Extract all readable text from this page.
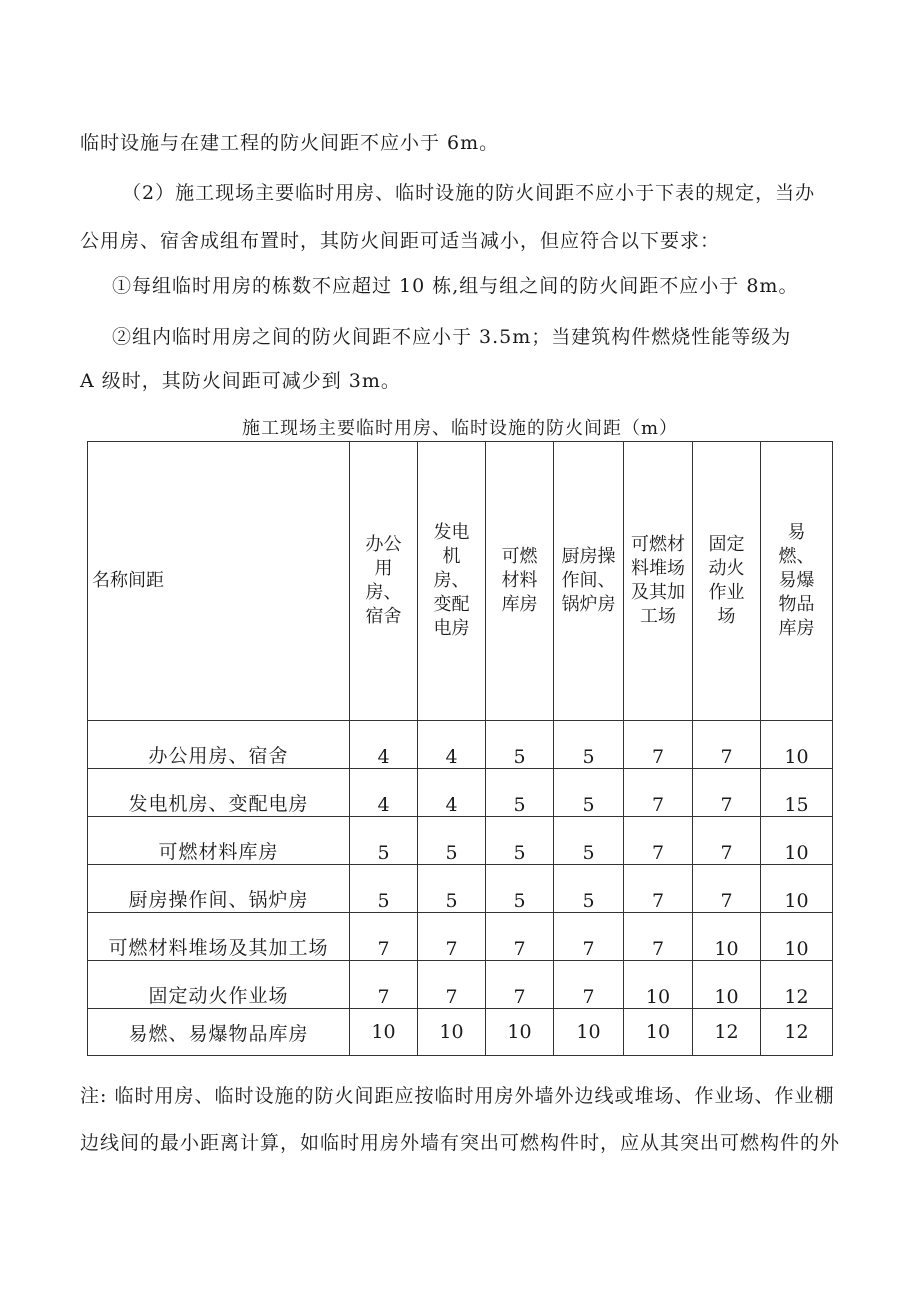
临时设施与在建工程的防火间距不应小于 6m。
（2）施工现场主要临时用房、临时设施的防火间距不应小于下表的规定，当办
公用房、宿舍成组布置时，其防火间距可适当减小，但应符合以下要求：
①每组临时用房的栋数不应超过 10 栋,组与组之间的防火间距不应小于 8m。
②组内临时用房之间的防火间距不应小于 3.5m；当建筑构件燃烧性能等级为
A 级时，其防火间距可减少到 3m。
施工现场主要临时用房、临时设施的防火间距（m）
名称间距	办公
用
房、
宿舍	发电
机
房、
变配
电房	可燃
材料
库房	厨房操
作间、
锅炉房	可燃材
料堆场
及其加
工场	固定
动火
作业
场	易
燃、
易爆
物品
库房
办公用房、宿舍	4	4	5	5	7	7	10
发电机房、变配电房	4	4	5	5	7	7	15
可燃材料库房	5	5	5	5	7	7	10
厨房操作间、锅炉房	5	5	5	5	7	7	10
可燃材料堆场及其加工场	7	7	7	7	7	10	10
固定动火作业场	7	7	7	7	10	10	12
易燃、易爆物品库房	10	10	10	10	10	12	12
注: 临时用房、临时设施的防火间距应按临时用房外墙外边线或堆场、作业场、作业棚
边线间的最小距离计算，如临时用房外墙有突出可燃构件时，应从其突出可燃构件的外
